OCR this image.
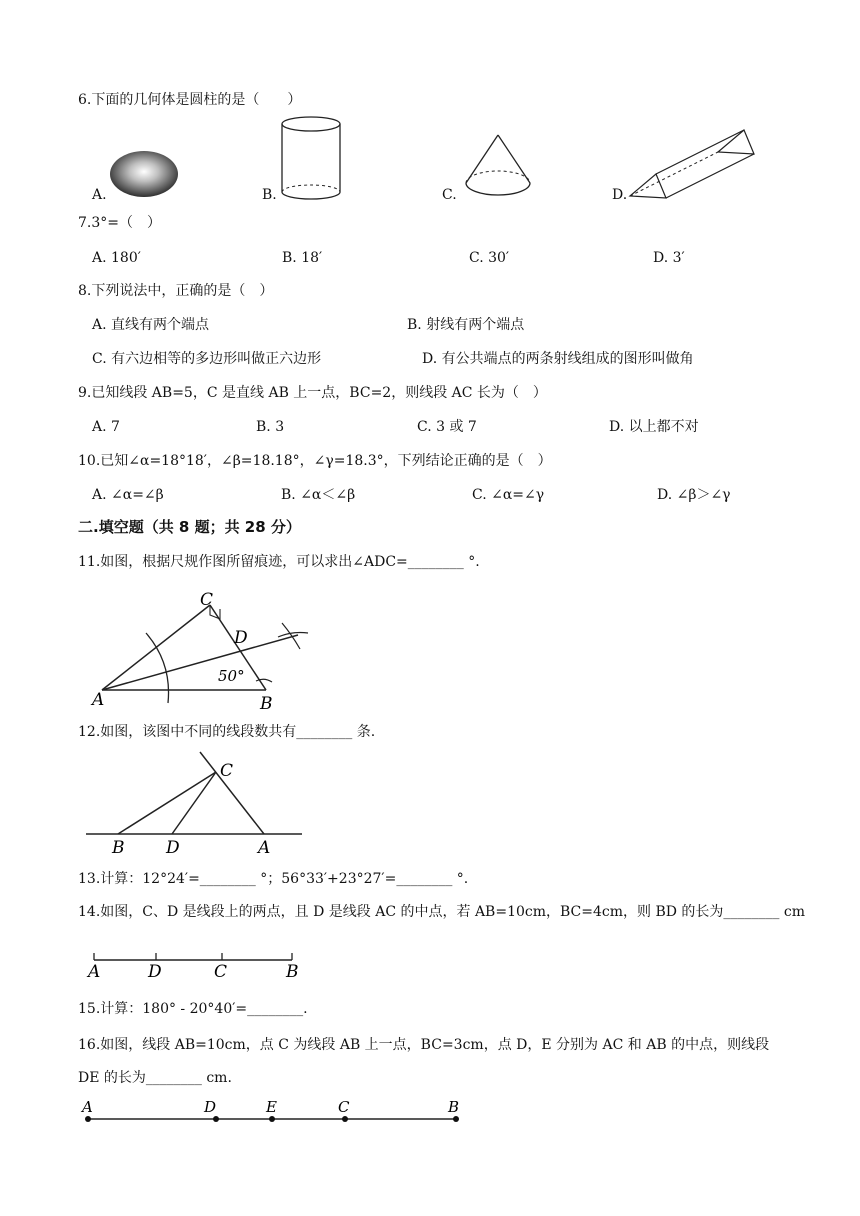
6.下面的几何体是圆柱的是（　　）
A.	B.	C.	D.
7.3°=（　）
A. 180′	B. 18′	C. 30′	D. 3′
8.下列说法中，正确的是（　）
A. 直线有两个端点	B. 射线有两个端点
C. 有六边相等的多边形叫做正六边形	D. 有公共端点的两条射线组成的图形叫做角
9.已知线段 AB=5，C 是直线 AB 上一点，BC=2，则线段 AC 长为（　）
A. 7	B. 3	C. 3 或 7	D. 以上都不对
10.已知∠α=18°18′，∠β=18.18°，∠γ=18.3°，下列结论正确的是（　）
A. ∠α=∠β	B. ∠α＜∠β	C. ∠α=∠γ	D. ∠β＞∠γ
二.填空题（共 8 题；共 28 分）
11.如图，根据尺规作图所留痕迹，可以求出∠ADC=________ °.
A	B
C
D
50°
12.如图，该图中不同的线段数共有________ 条.
B D	A
C
13.计算：12°24′=________ °；56°33′+23°27′=________ °.
14.如图，C、D 是线段上的两点，且 D 是线段 AC 的中点，若 AB=10cm，BC=4cm，则 BD 的长为________ cm
A	D	C	B
15.计算：180° - 20°40′=________.
16.如图，线段 AB=10cm，点 C 为线段 AB 上一点，BC=3cm，点 D，E 分别为 AC 和 AB 的中点，则线段
DE 的长为________ cm.
A	D	E	C	B
